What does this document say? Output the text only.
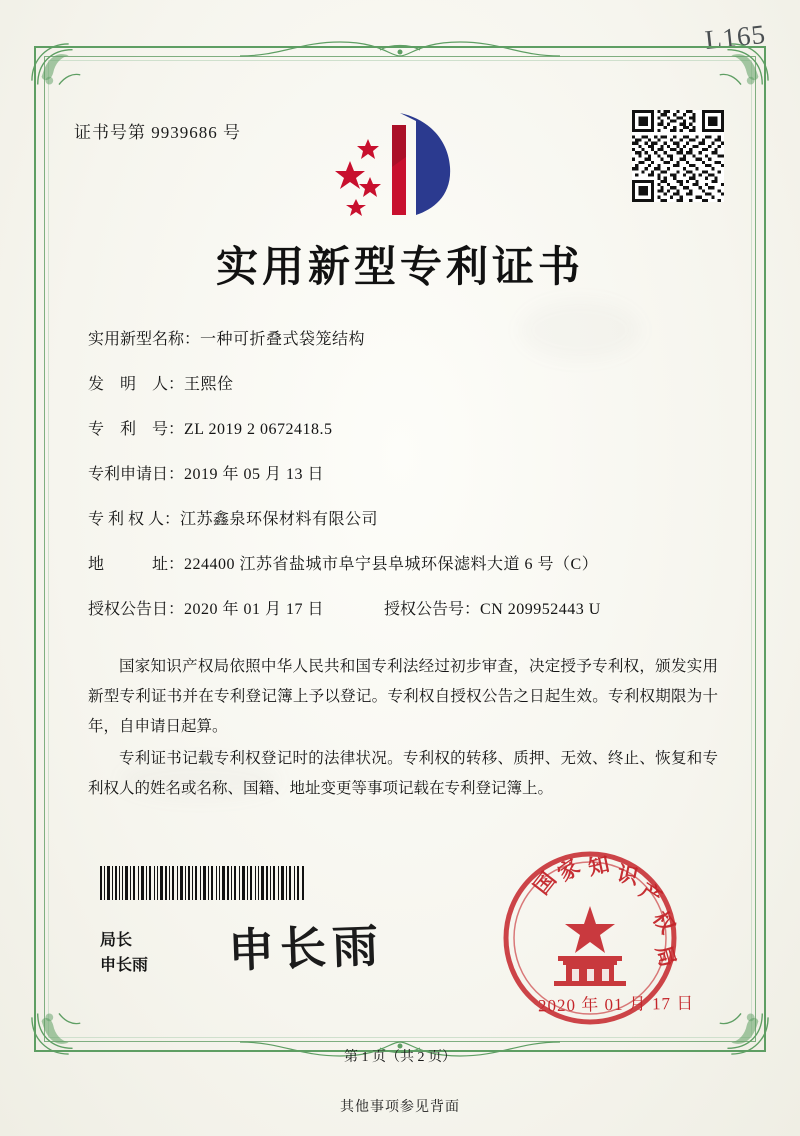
L165
证书号第 9939686 号
实用新型专利证书
实用新型名称： 一种可折叠式袋笼结构
发　明　人： 王熙佺
专　利　号： ZL 2019 2 0672418.5
专利申请日： 2019 年 05 月 13 日
专 利 权 人： 江苏鑫泉环保材料有限公司
地　　　址： 224400 江苏省盐城市阜宁县阜城环保滤料大道 6 号（C）
授权公告日： 2020 年 01 月 17 日	授权公告号： CN 209952443 U

国家知识产权局依照中华人民共和国专利法经过初步审查，决定授予专利权，颁发实用新型专利证书并在专利登记簿上予以登记。专利权自授权公告之日起生效。专利权期限为十年，自申请日起算。

专利证书记载专利权登记时的法律状况。专利权的转移、质押、无效、终止、恢复和专利权人的姓名或名称、国籍、地址变更等事项记载在专利登记簿上。

局长
申长雨 申长雨
国
家 知 识
产
权
局
2020 年 01 月 17 日
第 1 页（共 2 页）
其他事项参见背面
